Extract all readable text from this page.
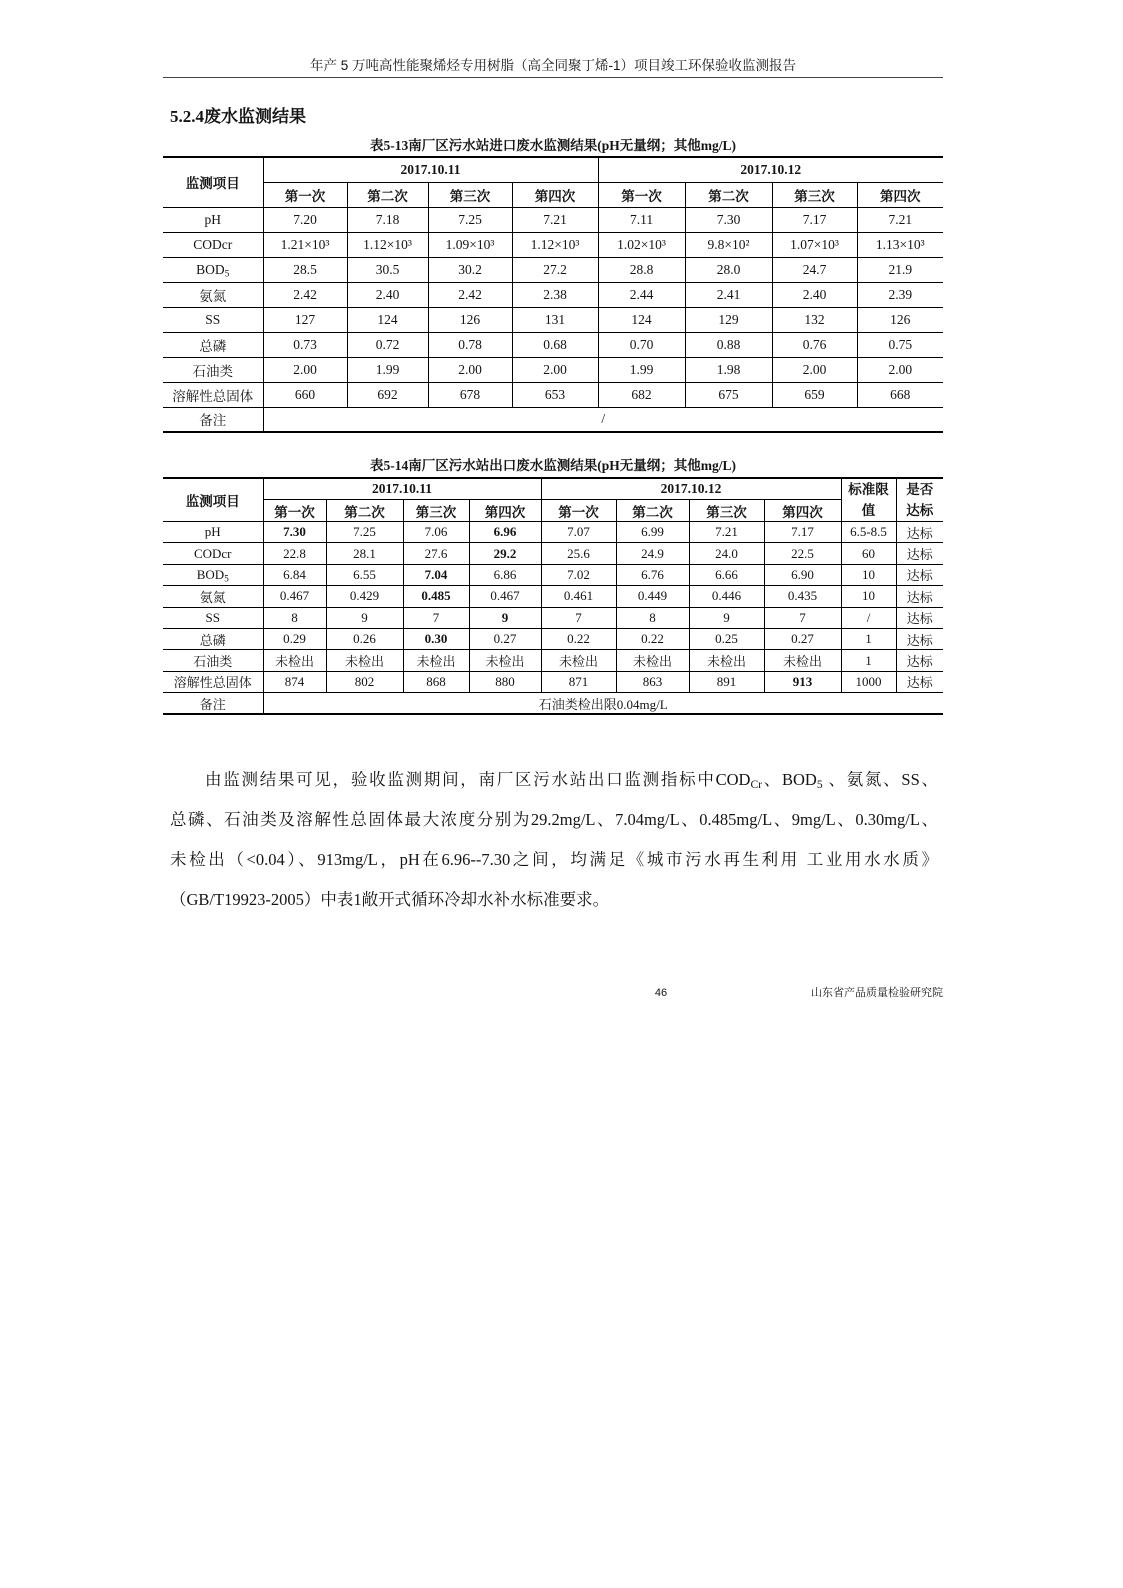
年产 5 万吨高性能聚烯烃专用树脂（高全同聚丁烯-1）项目竣工环保验收监测报告
5.2.4废水监测结果
表5-13南厂区污水站进口废水监测结果(pH无量纲；其他mg/L)
监测项目	2017.10.11				2017.10.12			
	第一次	第二次	第三次	第四次	第一次	第二次	第三次	第四次
pH	7.20	7.18	7.25	7.21	7.11	7.30	7.17	7.21
CODcr	1.21×10³	1.12×10³	1.09×10³	1.12×10³	1.02×10³	9.8×10²	1.07×10³	1.13×10³
$BOD_5$	28.5	30.5	30.2	27.2	28.8	28.0	24.7	21.9
氨氮	2.42	2.40	2.42	2.38	2.44	2.41	2.40	2.39
SS	127	124	126	131	124	129	132	126
总磷	0.73	0.72	0.78	0.68	0.70	0.88	0.76	0.75
石油类	2.00	1.99	2.00	2.00	1.99	1.98	2.00	2.00
溶解性总固体	660	692	678	653	682	675	659	668
备注	/							
表5-14南厂区污水站出口废水监测结果(pH无量纲；其他mg/L)
监测项目	2017.10.11				2017.10.12				标准限值	是否达标
	第一次	第二次	第三次	第四次	第一次	第二次	第三次	第四次		
pH	7.30	7.25	7.06	6.96	7.07	6.99	7.21	7.17	6.5-8.5	达标
CODcr	22.8	28.1	27.6	29.2	25.6	24.9	24.0	22.5	60	达标
$BOD_5$	6.84	6.55	7.04	6.86	7.02	6.76	6.66	6.90	10	达标
氨氮	0.467	0.429	0.485	0.467	0.461	0.449	0.446	0.435	10	达标
SS	8	9	7	9	7	8	9	7	/	达标
总磷	0.29	0.26	0.30	0.27	0.22	0.22	0.25	0.27	1	达标
石油类	未检出	未检出	未检出	未检出	未检出	未检出	未检出	未检出	1	达标
溶解性总固体	874	802	868	880	871	863	891	913	1000	达标
备注	石油类检出限0.04mg/L									
由监测结果可见，验收监测期间，南厂区污水站出口监测指标中$COD_{Cr}$、$BOD_5$ 、氨氮、SS、
总磷、石油类及溶解性总固体最大浓度分别为29.2mg/L、7.04mg/L、0.485mg/L、9mg/L、0.30mg/L、
未检出（<0.04）、913mg/L，pH在6.96--7.30之间，均满足《城市污水再生利用 工业用水水质》
（GB/T19923-2005）中表1敞开式循环冷却水补水标准要求。
46	山东省产品质量检验研究院
